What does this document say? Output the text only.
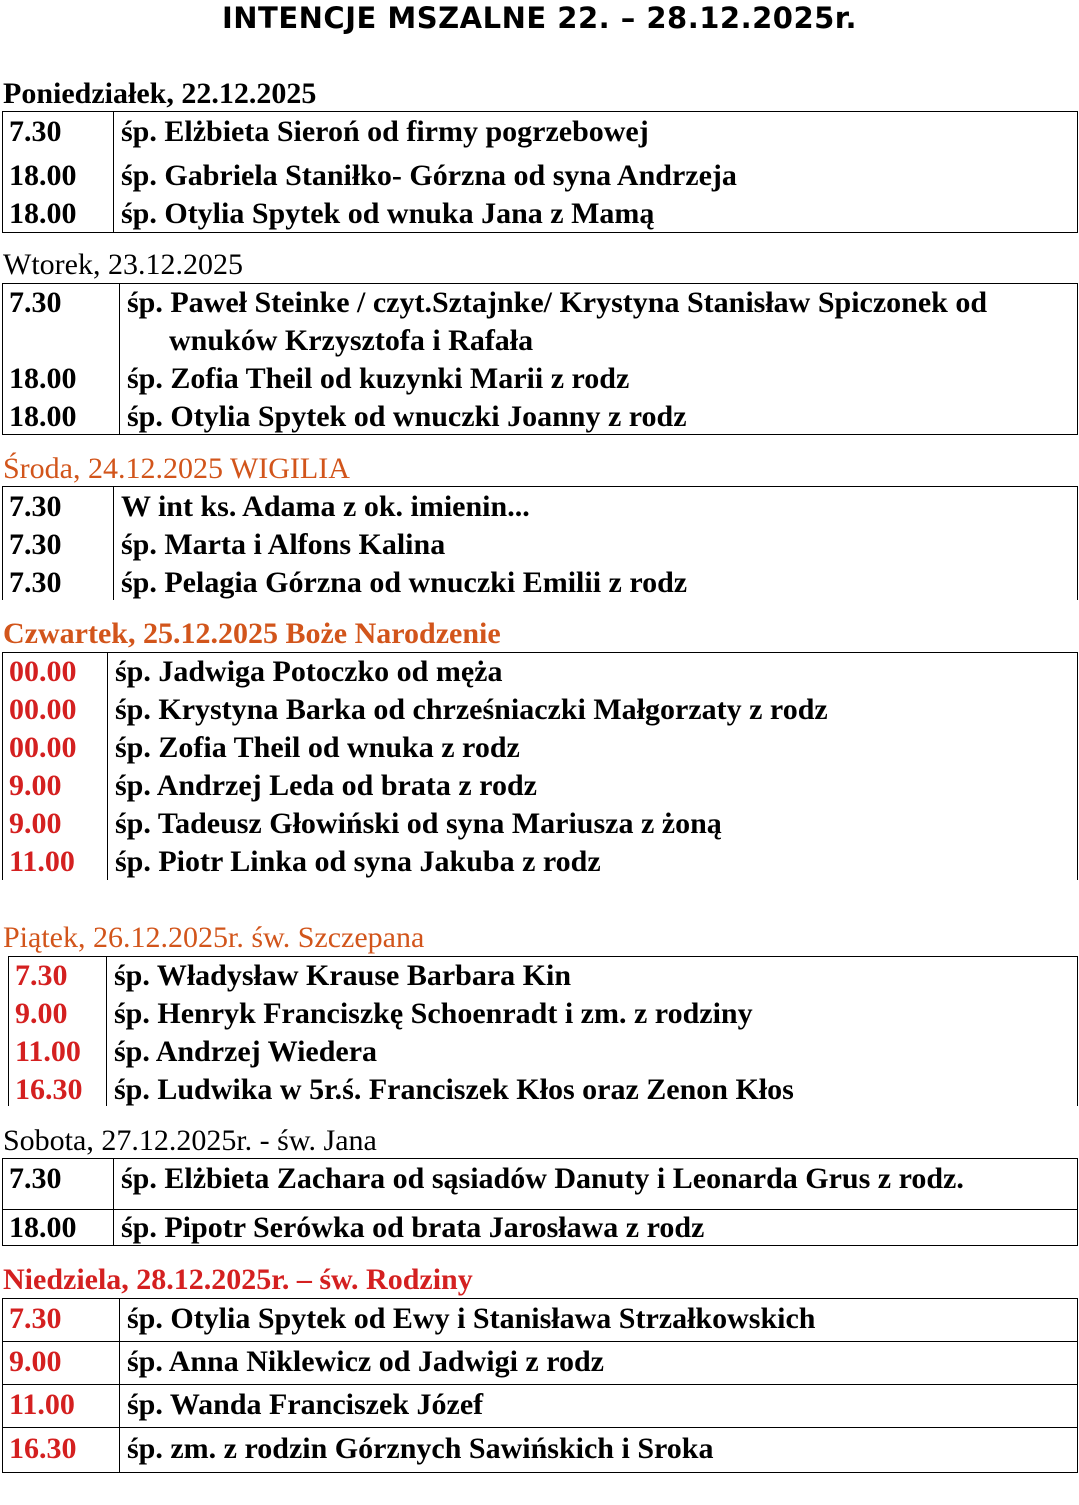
INTENCJE MSZALNE 22. – 28.12.2025r.
Poniedziałek, 22.12.2025
7.30 śp. Elżbieta Sieroń od firmy pogrzebowej
18.00 śp. Gabriela Staniłko- Górzna od syna Andrzeja
18.00 śp. Otylia Spytek od wnuka Jana z Mamą
Wtorek, 23.12.2025
7.30 śp. Paweł Steinke / czyt.Sztajnke/ Krystyna Stanisław Spiczonek od
wnuków Krzysztofa i Rafała
18.00 śp. Zofia Theil od kuzynki Marii z rodz
18.00 śp. Otylia Spytek od wnuczki Joanny z rodz
Środa, 24.12.2025 WIGILIA
7.30 W int ks. Adama z ok. imienin...
7.30 śp. Marta i Alfons Kalina
7.30 śp. Pelagia Górzna od wnuczki Emilii z rodz
Czwartek, 25.12.2025 Boże Narodzenie
00.00 śp. Jadwiga Potoczko od męża
00.00 śp. Krystyna Barka od chrześniaczki Małgorzaty z rodz
00.00 śp. Zofia Theil od wnuka z rodz
9.00 śp. Andrzej Leda od brata z rodz
9.00 śp. Tadeusz Głowiński od syna Mariusza z żoną
11.00 śp. Piotr Linka od syna Jakuba z rodz
Piątek, 26.12.2025r. św. Szczepana
7.30 śp. Władysław Krause Barbara Kin
9.00 śp. Henryk Franciszkę Schoenradt i zm. z rodziny
11.00 śp. Andrzej Wiedera
16.30 śp. Ludwika w 5r.ś. Franciszek Kłos oraz Zenon Kłos
Sobota, 27.12.2025r. - św. Jana
7.30 śp. Elżbieta Zachara od sąsiadów Danuty i Leonarda Grus z rodz.
18.00 śp. Pipotr Serówka od brata Jarosława z rodz
Niedziela, 28.12.2025r. – św. Rodziny
7.30 śp. Otylia Spytek od Ewy i Stanisława Strzałkowskich
9.00 śp. Anna Niklewicz od Jadwigi z rodz
11.00 śp. Wanda Franciszek Józef
16.30 śp. zm. z rodzin Górznych Sawińskich i Sroka
